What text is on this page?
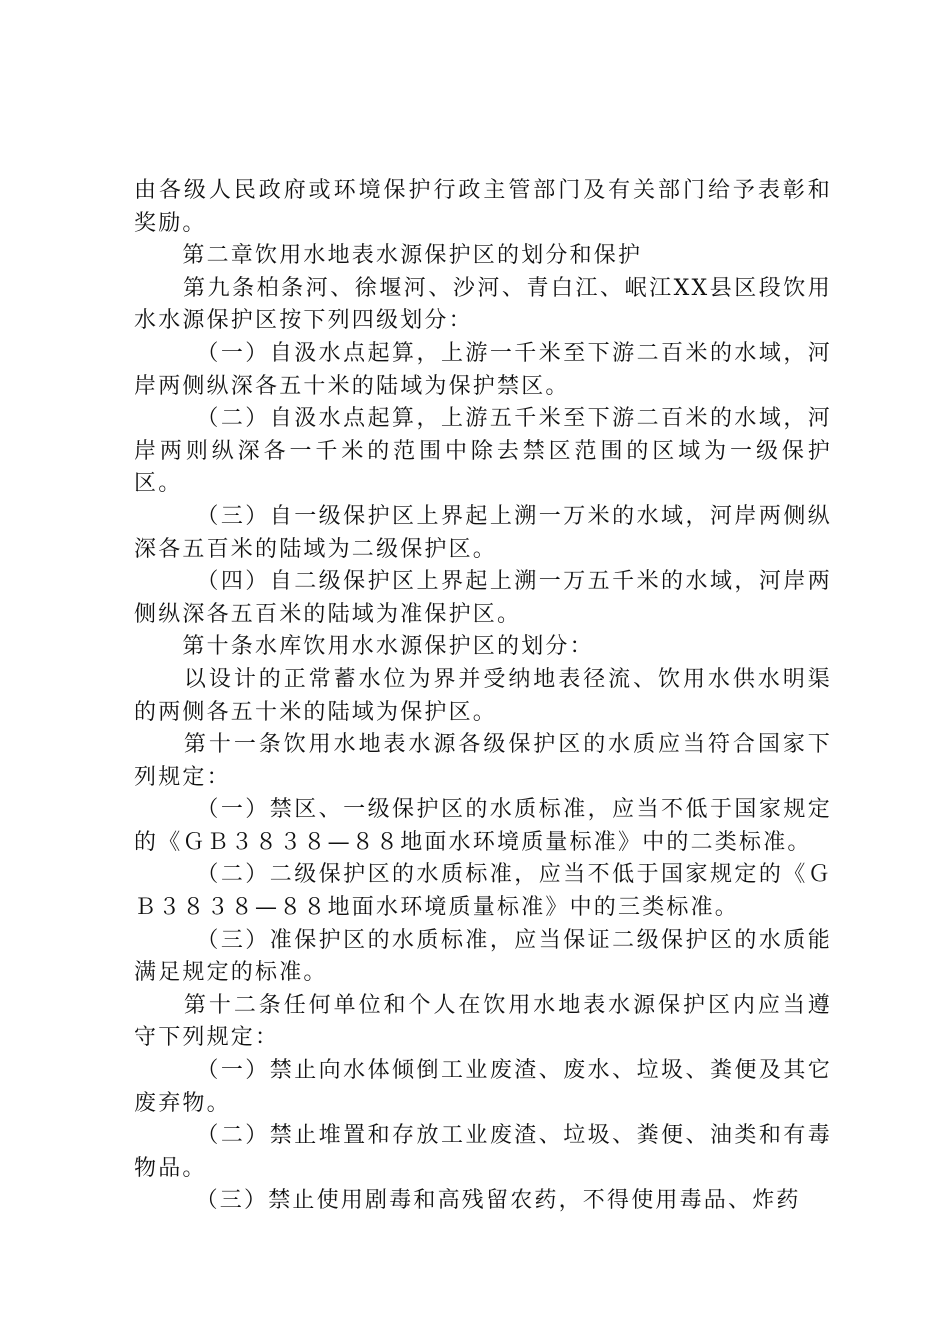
由各级人民政府或环境保护行政主管部门及有关部门给予表彰和奖励。

　　第二章饮用水地表水源保护区的划分和保护

　　第九条柏条河、徐堰河、沙河、青白江、岷江XX县区段饮用水水源保护区按下列四级划分：

　　　（一）自汲水点起算，上游一千米至下游二百米的水域，河岸两侧纵深各五十米的陆域为保护禁区。

　　　（二）自汲水点起算，上游五千米至下游二百米的水域，河岸两则纵深各一千米的范围中除去禁区范围的区域为一级保护区。

　　　（三）自一级保护区上界起上溯一万米的水域，河岸两侧纵深各五百米的陆域为二级保护区。

　　　（四）自二级保护区上界起上溯一万五千米的水域，河岸两侧纵深各五百米的陆域为准保护区。

　　第十条水库饮用水水源保护区的划分：

　　以设计的正常蓄水位为界并受纳地表径流、饮用水供水明渠的两侧各五十米的陆域为保护区。

　　第十一条饮用水地表水源各级保护区的水质应当符合国家下列规定：

　　　（一）禁区、一级保护区的水质标准，应当不低于国家规定的《ＧＢ３８３８—８８地面水环境质量标准》中的二类标准。

　　　（二）二级保护区的水质标准，应当不低于国家规定的《ＧＢ３８３８—８８地面水环境质量标准》中的三类标准。

　　　（三）准保护区的水质标准，应当保证二级保护区的水质能满足规定的标准。

　　第十二条任何单位和个人在饮用水地表水源保护区内应当遵守下列规定：

　　　（一）禁止向水体倾倒工业废渣、废水、垃圾、粪便及其它废弃物。

　　　（二）禁止堆置和存放工业废渣、垃圾、粪便、油类和有毒物品。

　　　（三）禁止使用剧毒和高残留农药，不得使用毒品、炸药
